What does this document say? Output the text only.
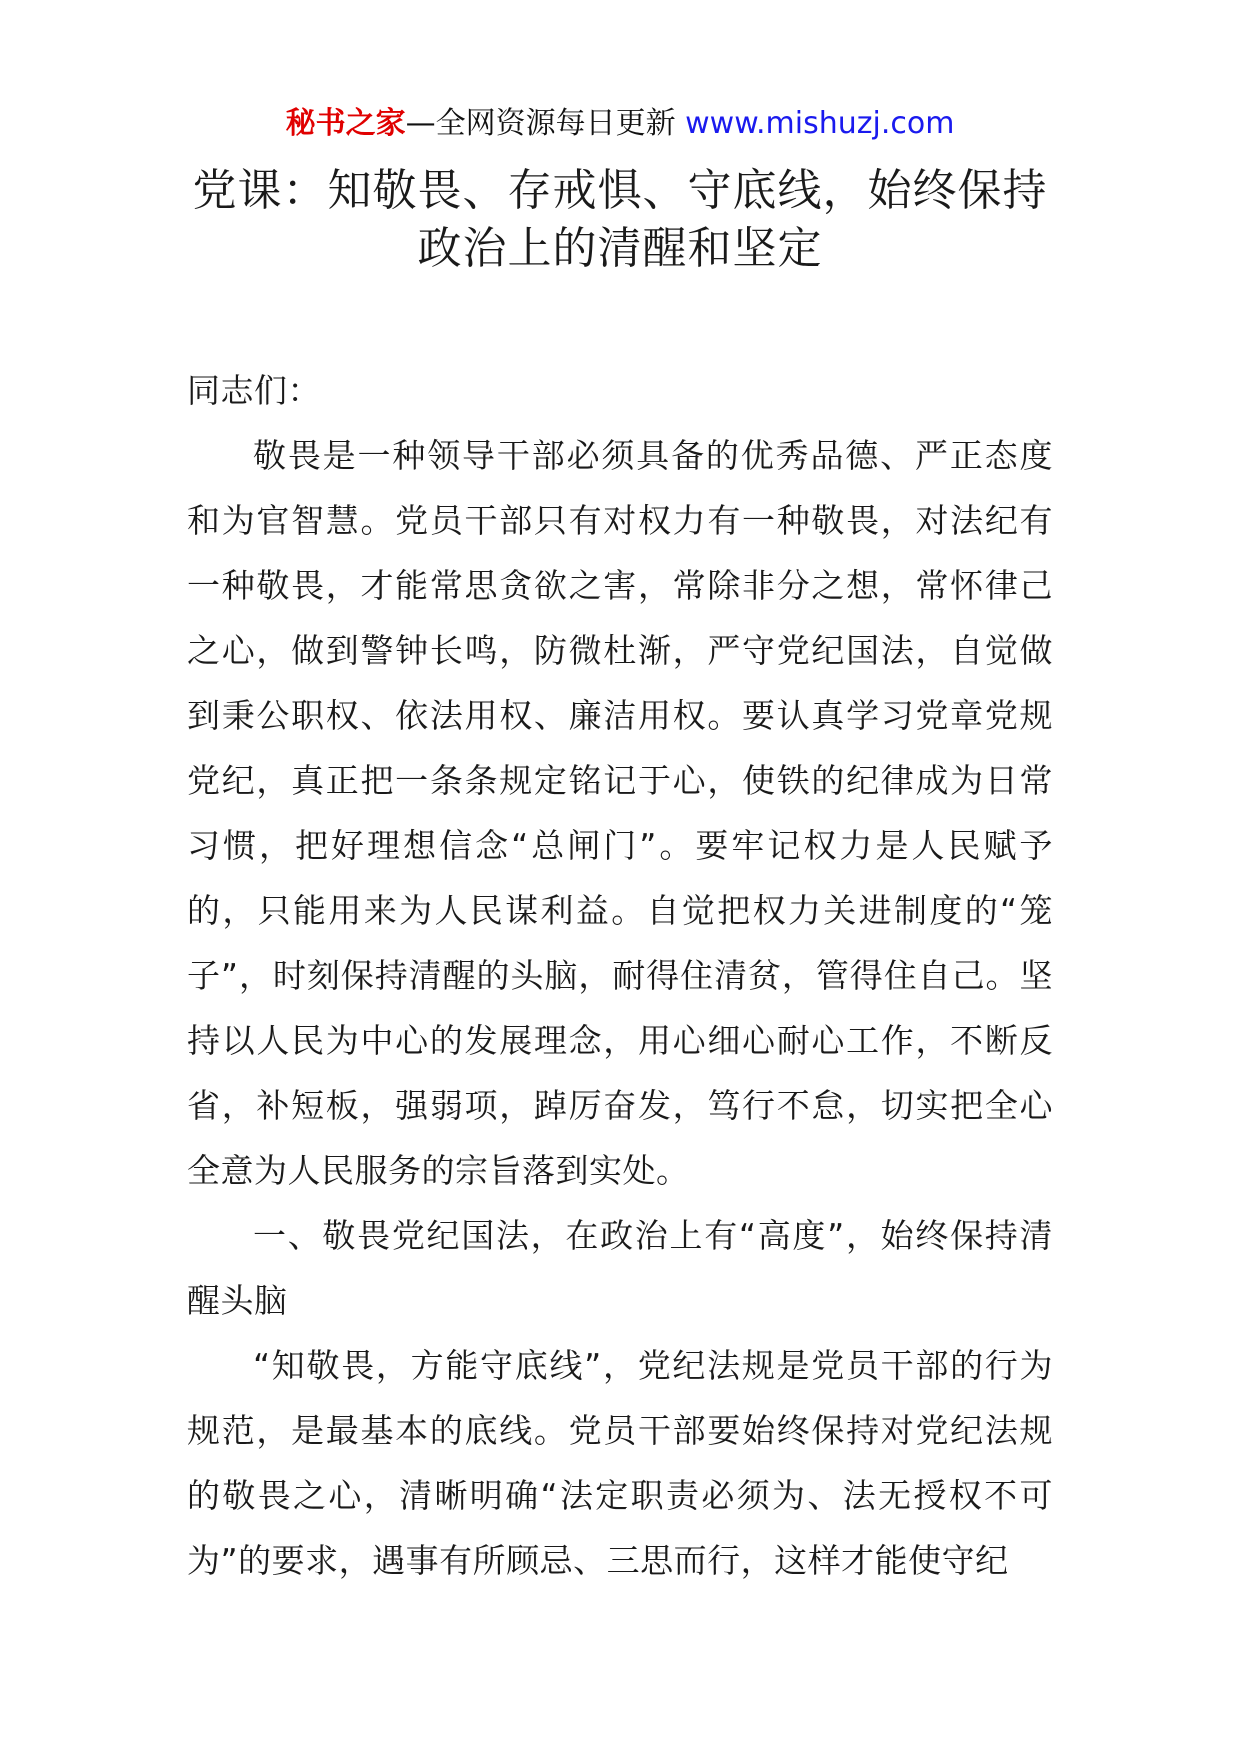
秘书之家—全网资源每日更新 www.mishuzj.com
党课：知敬畏、存戒惧、守底线，始终保持
政治上的清醒和坚定

同志们：

敬畏是一种领导干部必须具备的优秀品德、严正态度和为官智慧。党员干部只有对权力有一种敬畏，对法纪有一种敬畏，才能常思贪欲之害，常除非分之想，常怀律己之心，做到警钟长鸣，防微杜渐，严守党纪国法，自觉做到秉公职权、依法用权、廉洁用权。要认真学习党章党规党纪，真正把一条条规定铭记于心，使铁的纪律成为日常习惯，把好理想信念“总闸门”。要牢记权力是人民赋予的，只能用来为人民谋利益。自觉把权力关进制度的“笼子”，时刻保持清醒的头脑，耐得住清贫，管得住自己。坚持以人民为中心的发展理念，用心细心耐心工作，不断反省，补短板，强弱项，踔厉奋发，笃行不怠，切实把全心全意为人民服务的宗旨落到实处。

一、敬畏党纪国法，在政治上有“高度”，始终保持清醒头脑

“知敬畏，方能守底线”，党纪法规是党员干部的行为规范，是最基本的底线。党员干部要始终保持对党纪法规的敬畏之心，清晰明确“法定职责必须为、法无授权不可为”的要求，遇事有所顾忌、三思而行，这样才能使守纪
